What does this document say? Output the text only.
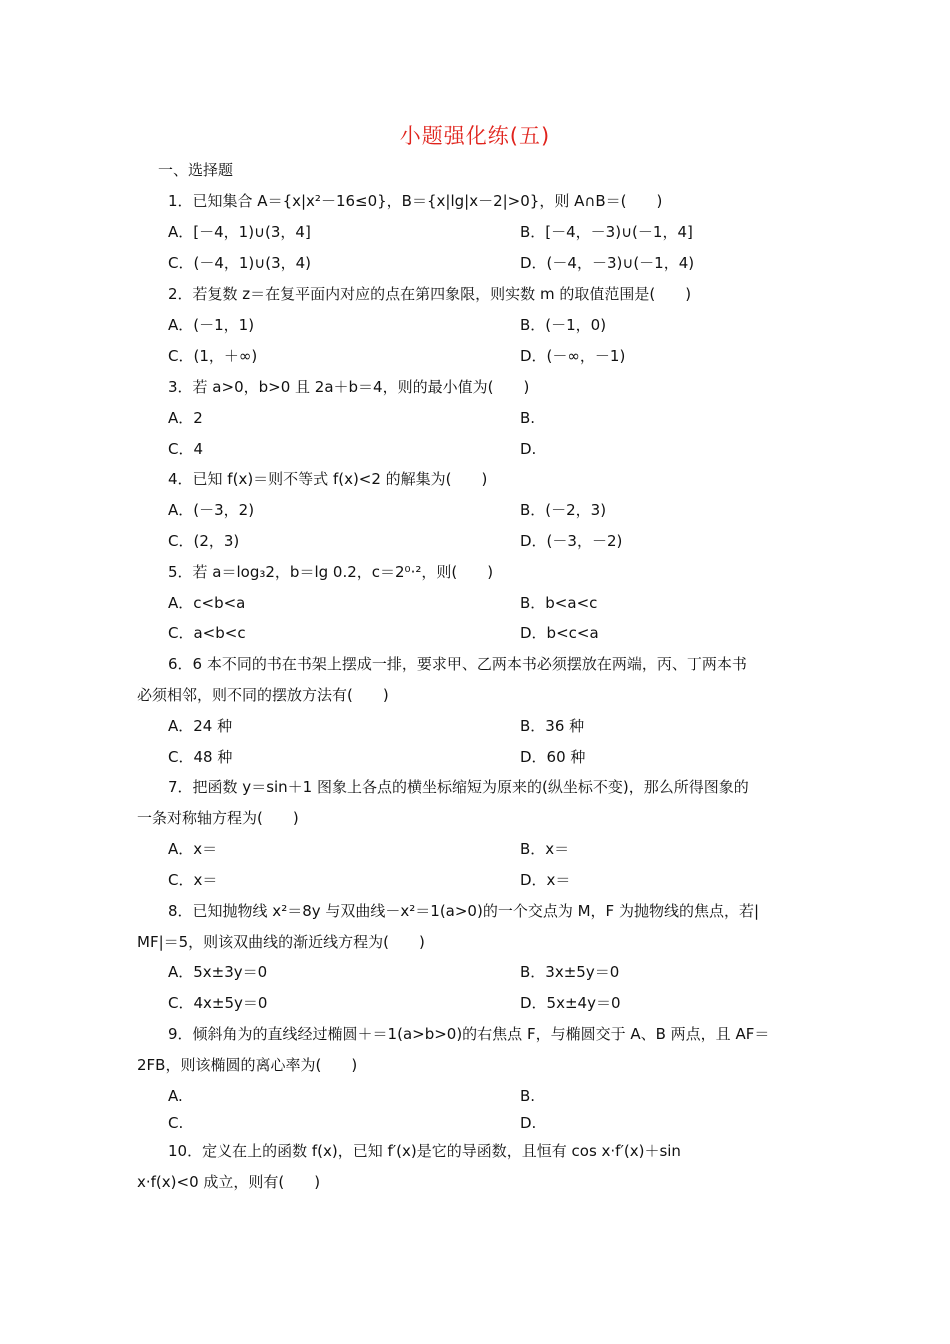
小题强化练(五)
一、选择题
1．已知集合 A＝{x|x²－16≤0}，B＝{x|lg|x－2|>0}，则 A∩B＝(　　)
A．[－4，1)∪(3，4]	B．[－4，－3)∪(－1，4]
C．(－4，1)∪(3，4)	D．(－4，－3)∪(－1，4)
2．若复数 z＝在复平面内对应的点在第四象限，则实数 m 的取值范围是(　　)
A．(－1，1)	B．(－1，0)
C．(1，＋∞)	D．(－∞，－1)
3．若 a>0，b>0 且 2a＋b＝4，则的最小值为(　　)
A．2	B.
C．4	D.
4．已知 f(x)＝则不等式 f(x)<2 的解集为(　　)
A．(－3，2)	B．(－2，3)
C．(2，3)	D．(－3，－2)
5．若 a＝log₃2，b＝lg 0.2，c＝2⁰·²，则(　　)
A．c<b<a	B．b<a<c
C．a<b<c	D．b<c<a
6．6 本不同的书在书架上摆成一排，要求甲、乙两本书必须摆放在两端，丙、丁两本书
必须相邻，则不同的摆放方法有(　　)
A．24 种	B．36 种
C．48 种	D．60 种
7．把函数 y＝sin＋1 图象上各点的横坐标缩短为原来的(纵坐标不变)，那么所得图象的
一条对称轴方程为(　　)
A．x＝	B．x＝
C．x＝	D．x＝
8．已知抛物线 x²＝8y 与双曲线－x²＝1(a>0)的一个交点为 M，F 为抛物线的焦点，若|
MF|＝5，则该双曲线的渐近线方程为(　　)
A．5x±3y＝0	B．3x±5y＝0
C．4x±5y＝0	D．5x±4y＝0
9．倾斜角为的直线经过椭圆＋＝1(a>b>0)的右焦点 F，与椭圆交于 A、B 两点，且 AF＝
2FB，则该椭圆的离心率为(　　)
A.	B.
C.	D.
10．定义在上的函数 f(x)，已知 f′(x)是它的导函数，且恒有 cos x·f′(x)＋sin
x·f(x)<0 成立，则有(　　)
